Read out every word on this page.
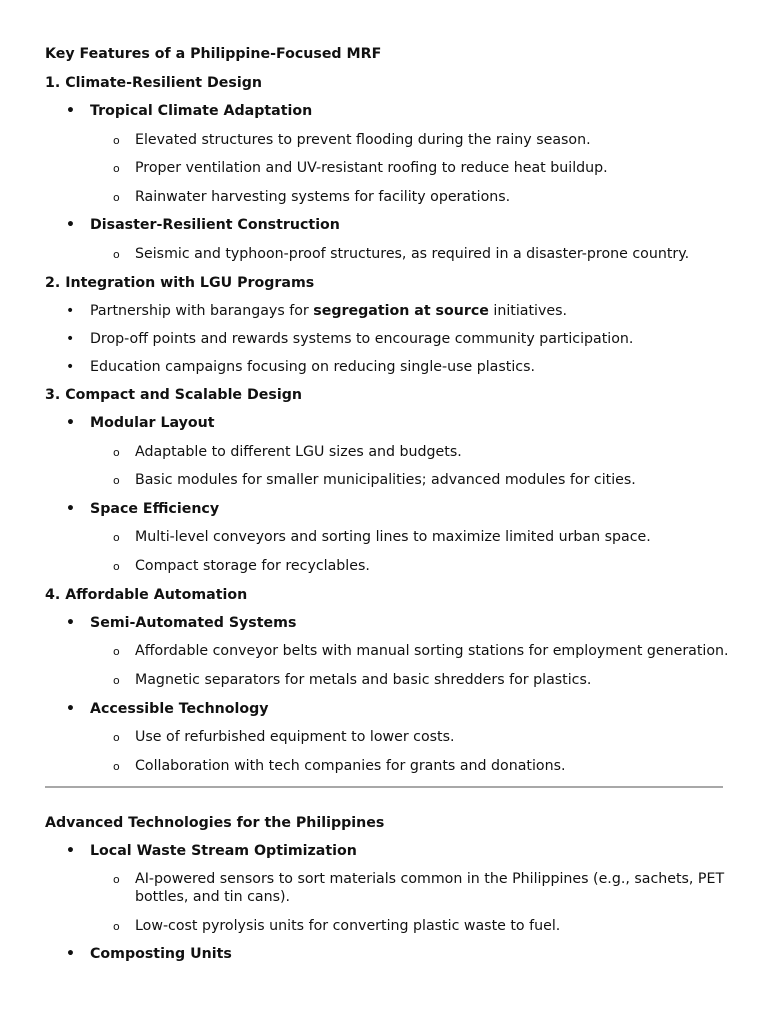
Key Features of a Philippine-Focused MRF
1. Climate-Resilient Design
• Tropical Climate Adaptation
o Elevated structures to prevent flooding during the rainy season.
o Proper ventilation and UV-resistant roofing to reduce heat buildup.
o Rainwater harvesting systems for facility operations.
• Disaster-Resilient Construction
o Seismic and typhoon-proof structures, as required in a disaster-prone country.
2. Integration with LGU Programs
• Partnership with barangays for segregation at source initiatives.
• Drop-off points and rewards systems to encourage community participation.
• Education campaigns focusing on reducing single-use plastics.
3. Compact and Scalable Design
• Modular Layout
o Adaptable to different LGU sizes and budgets.
o Basic modules for smaller municipalities; advanced modules for cities.
• Space Efficiency
o Multi-level conveyors and sorting lines to maximize limited urban space.
o Compact storage for recyclables.
4. Affordable Automation
• Semi-Automated Systems
o Affordable conveyor belts with manual sorting stations for employment generation.
o Magnetic separators for metals and basic shredders for plastics.
• Accessible Technology
o Use of refurbished equipment to lower costs.
o Collaboration with tech companies for grants and donations.
Advanced Technologies for the Philippines
• Local Waste Stream Optimization
o AI-powered sensors to sort materials common in the Philippines (e.g., sachets, PET bottles, and tin cans).
o Low-cost pyrolysis units for converting plastic waste to fuel.
• Composting Units
